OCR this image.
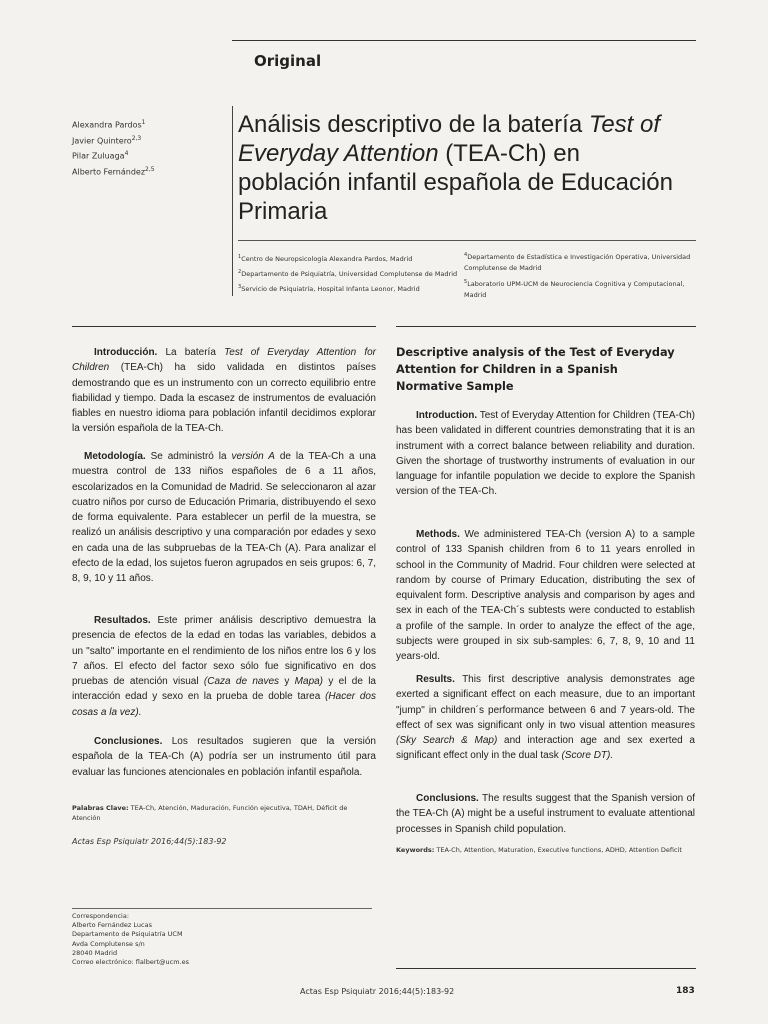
Original
Alexandra Pardos$^1$
Javier Quintero$^{2,3}$
Pilar Zuluaga$^4$
Alberto Fernández$^{2,5}$
Análisis descriptivo de la batería Test of Everyday Attention (TEA-Ch) en población infantil española de Educación Primaria
$^1$Centro de Neuropsicología Alexandra Pardos, Madrid
$^2$Departamento de Psiquiatría, Universidad Complutense de Madrid
$^3$Servicio de Psiquiatría, Hospital Infanta Leonor, Madrid
$^4$Departamento de Estadística e Investigación Operativa, Universidad Complutense de Madrid
$^5$Laboratorio UPM-UCM de Neurociencia Cognitiva y Computacional, Madrid

Introducción. La batería Test of Everyday Attention for Children (TEA-Ch) ha sido validada en distintos países demostrando que es un instrumento con un correcto equilibrio entre fiabilidad y tiempo. Dada la escasez de instrumentos de evaluación fiables en nuestro idioma para población infantil decidimos explorar la versión española de la TEA-Ch.

Metodología. Se administró la versión A de la TEA-Ch a una muestra control de 133 niños españoles de 6 a 11 años, escolarizados en la Comunidad de Madrid. Se seleccionaron al azar cuatro niños por curso de Educación Primaria, distribuyendo el sexo de forma equivalente. Para establecer un perfil de la muestra, se realizó un análisis descriptivo y una comparación por edades y sexo en cada una de las subpruebas de la TEA-Ch (A). Para analizar el efecto de la edad, los sujetos fueron agrupados en seis grupos: 6, 7, 8, 9, 10 y 11 años.

Resultados. Este primer análisis descriptivo demuestra la presencia de efectos de la edad en todas las variables, debidos a un "salto" importante en el rendimiento de los niños entre los 6 y los 7 años. El efecto del factor sexo sólo fue significativo en dos pruebas de atención visual (Caza de naves y Mapa) y el de la interacción edad y sexo en la prueba de doble tarea (Hacer dos cosas a la vez).

Conclusiones. Los resultados sugieren que la versión española de la TEA-Ch (A) podría ser un instrumento útil para evaluar las funciones atencionales en población infantil española.

Palabras Clave: TEA-Ch, Atención, Maduración, Función ejecutiva, TDAH, Déficit de Atención
Actas Esp Psiquiatr 2016;44(5):183-92
Descriptive analysis of the Test of Everyday Attention for Children in a Spanish Normative Sample

Introduction. Test of Everyday Attention for Children (TEA-Ch) has been validated in different countries demonstrating that it is an instrument with a correct balance between reliability and duration. Given the shortage of trustworthy instruments of evaluation in our language for infantile population we decide to explore the Spanish version of the TEA-Ch.

Methods. We administered TEA-Ch (version A) to a sample control of 133 Spanish children from 6 to 11 years enrolled in school in the Community of Madrid. Four children were selected at random by course of Primary Education, distributing the sex of equivalent form. Descriptive analysis and comparison by ages and sex in each of the TEA-Ch´s subtests were conducted to establish a profile of the sample. In order to analyze the effect of the age, subjects were grouped in six sub-samples: 6, 7, 8, 9, 10 and 11 years-old.

Results. This first descriptive analysis demonstrates age exerted a significant effect on each measure, due to an important "jump" in children´s performance between 6 and 7 years-old. The effect of sex was significant only in two visual attention measures (Sky Search & Map) and interaction age and sex exerted a significant effect only in the dual task (Score DT).

Conclusions. The results suggest that the Spanish version of the TEA-Ch (A) might be a useful instrument to evaluate attentional processes in Spanish child population.

Keywords: TEA-Ch, Attention, Maturation, Executive functions, ADHD, Attention Deficit
Correspondencia:
Alberto Fernández Lucas
Departamento de Psiquiatría UCM
Avda Complutense s/n
28040 Madrid
Correo electrónico: flalbert@ucm.es
Actas Esp Psiquiatr 2016;44(5):183-92	183
